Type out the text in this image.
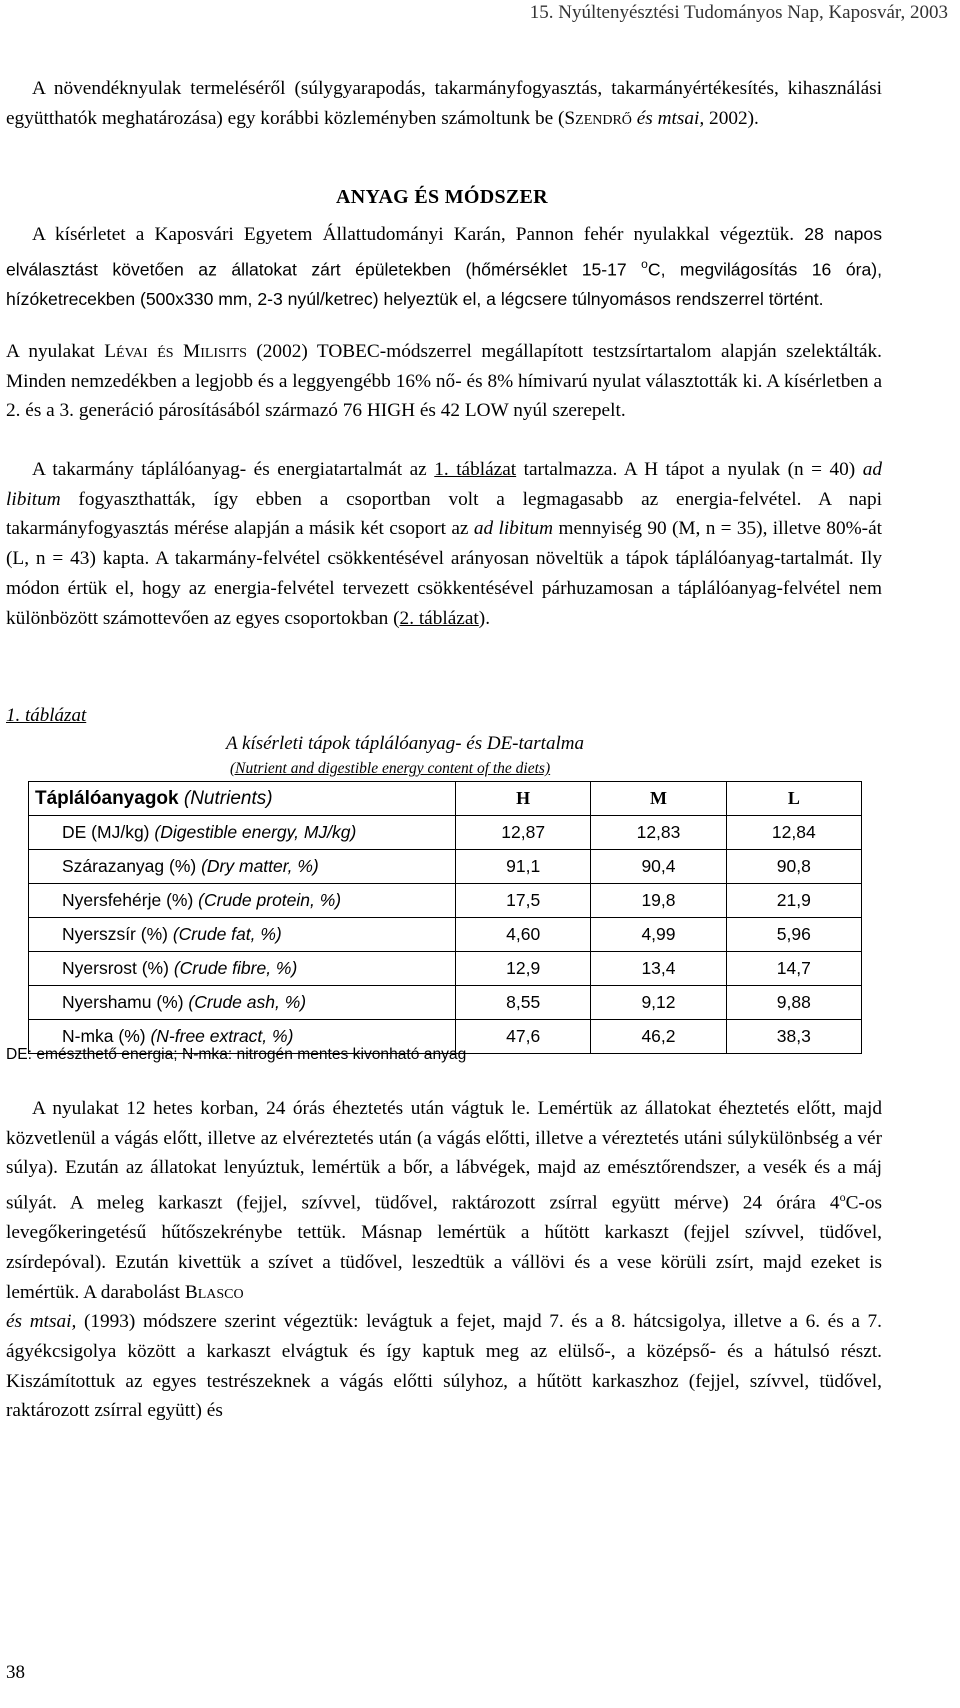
15. Nyúltenyésztési Tudományos Nap, Kaposvár, 2003
A növendéknyulak termeléséről (súlygyarapodás, takarmányfogyasztás, takarmányértékesítés, kihasználási együtthatók meghatározása) egy korábbi közleményben számoltunk be (Szendrő és mtsai, 2002).
ANYAG ÉS MÓDSZER
A kísérletet a Kaposvári Egyetem Állattudományi Karán, Pannon fehér nyulakkal végeztük. 28 napos elválasztást követően az állatokat zárt épületekben (hőmérséklet 15-17 $^o$C, megvilágosítás 16 óra), hízóketrecekben (500x330 mm, 2-3 nyúl/ketrec) helyeztük el, a légcsere túlnyomásos rendszerrel történt.
A nyulakat Lévai és Milisits (2002) TOBEC-módszerrel megállapított testzsírtartalom alapján szelektálták. Minden nemzedékben a legjobb és a leggyengébb 16% nő- és 8% hímivarú nyulat választották ki. A kísérletben a 2. és a 3. generáció párosításából származó 76 HIGH és 42 LOW nyúl szerepelt.
A takarmány táplálóanyag- és energiatartalmát az 1. táblázat tartalmazza. A H tápot a nyulak (n = 40) ad libitum fogyaszthatták, így ebben a csoportban volt a legmagasabb az energia-felvétel. A napi takarmányfogyasztás mérése alapján a másik két csoport az ad libitum mennyiség 90 (M, n = 35), illetve 80%-át (L, n = 43) kapta. A takarmány-felvétel csökkentésével arányosan növeltük a tápok táplálóanyag-tartalmát. Ily módon értük el, hogy az energia-felvétel tervezett csökkentésével párhuzamosan a táplálóanyag-felvétel nem különbözött számottevően az egyes csoportokban (2. táblázat).
1. táblázat
A kísérleti tápok táplálóanyag- és DE-tartalma
(Nutrient and digestible energy content of the diets)
Táplálóanyagok (Nutrients)	H	M	L
DE (MJ/kg) (Digestible energy, MJ/kg)	12,87	12,83	12,84
Szárazanyag (%) (Dry matter, %)	91,1	90,4	90,8
Nyersfehérje (%) (Crude protein, %)	17,5	19,8	21,9
Nyerszsír (%) (Crude fat, %)	4,60	4,99	5,96
Nyersrost (%) (Crude fibre, %)	12,9	13,4	14,7
Nyershamu (%) (Crude ash, %)	8,55	9,12	9,88
N-mka (%) (N-free extract, %)	47,6	46,2	38,3
DE: emészthető energia; N-mka: nitrogén mentes kivonható anyag
A nyulakat 12 hetes korban, 24 órás éheztetés után vágtuk le. Lemértük az állatokat éheztetés előtt, majd közvetlenül a vágás előtt, illetve az elvéreztetés után (a vágás előtti, illetve a véreztetés utáni súlykülönbség a vér súlya). Ezután az állatokat lenyúztuk, lemértük a bőr, a lábvégek, majd az emésztőrendszer, a vesék és a máj súlyát. A meleg karkaszt (fejjel, szívvel, tüdővel, raktározott zsírral együtt mérve) 24 órára 4$^o$C-os levegőkeringetésű hűtőszekrénybe tettük. Másnap lemértük a hűtött karkaszt (fejjel szívvel, tüdővel, zsírdepóval). Ezután kivettük a szívet a tüdővel, leszedtük a vállövi és a vese körüli zsírt, majd ezeket is lemértük. A darabolást Blasco
és mtsai, (1993) módszere szerint végeztük: levágtuk a fejet, majd 7. és a 8. hátcsigolya, illetve a 6. és a 7. ágyékcsigolya között a karkaszt elvágtuk és így kaptuk meg az elülső-, a középső- és a hátulsó részt. Kiszámítottuk az egyes testrészeknek a vágás előtti súlyhoz, a hűtött karkaszhoz (fejjel, szívvel, tüdővel, raktározott zsírral együtt) és
38
